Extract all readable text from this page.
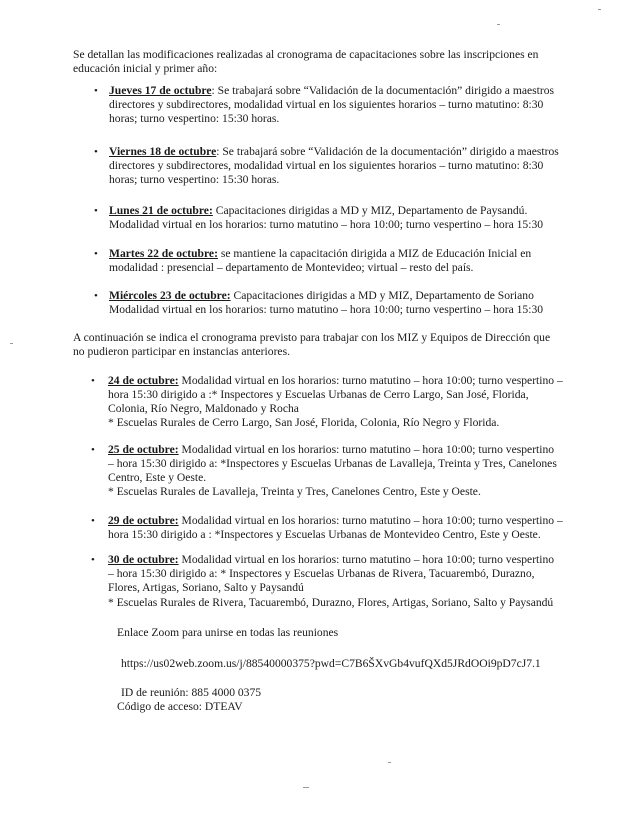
Se detallan las modificaciones realizadas al cronograma de capacitaciones sobre las inscripciones en
educación inicial y primer año:
• Jueves 17 de octubre: Se trabajará sobre “Validación de la documentación” dirigido a maestros
directores y subdirectores, modalidad virtual en los siguientes horarios – turno matutino: 8:30
horas; turno vespertino: 15:30 horas.
• Viernes 18 de octubre: Se trabajará sobre “Validación de la documentación” dirigido a maestros
directores y subdirectores, modalidad virtual en los siguientes horarios – turno matutino: 8:30
horas; turno vespertino: 15:30 horas.
• Lunes 21 de octubre: Capacitaciones dirigidas a MD y MIZ, Departamento de Paysandú.
Modalidad virtual en los horarios: turno matutino – hora 10:00; turno vespertino – hora 15:30
• Martes 22 de octubre: se mantiene la capacitación dirigida a MIZ de Educación Inicial en
modalidad : presencial – departamento de Montevideo; virtual – resto del país.
• Miércoles 23 de octubre: Capacitaciones dirigidas a MD y MIZ, Departamento de Soriano
Modalidad virtual en los horarios: turno matutino – hora 10:00; turno vespertino – hora 15:30
A continuación se indica el cronograma previsto para trabajar con los MIZ y Equipos de Dirección que
no pudieron participar en instancias anteriores.
• 24 de octubre: Modalidad virtual en los horarios: turno matutino – hora 10:00; turno vespertino –
hora 15:30 dirigido a :* Inspectores y Escuelas Urbanas de Cerro Largo, San José, Florida,
Colonia, Río Negro, Maldonado y Rocha
* Escuelas Rurales de Cerro Largo, San José, Florida, Colonia, Río Negro y Florida.
• 25 de octubre: Modalidad virtual en los horarios: turno matutino – hora 10:00; turno vespertino
– hora 15:30 dirigido a: *Inspectores y Escuelas Urbanas de Lavalleja, Treinta y Tres, Canelones
Centro, Este y Oeste.
* Escuelas Rurales de Lavalleja, Treinta y Tres, Canelones Centro, Este y Oeste.
• 29 de octubre: Modalidad virtual en los horarios: turno matutino – hora 10:00; turno vespertino –
hora 15:30 dirigido a : *Inspectores y Escuelas Urbanas de Montevideo Centro, Este y Oeste.
• 30 de octubre: Modalidad virtual en los horarios: turno matutino – hora 10:00; turno vespertino
– hora 15:30 dirigido a: * Inspectores y Escuelas Urbanas de Rivera, Tacuarembó, Durazno,
Flores, Artigas, Soriano, Salto y Paysandú
* Escuelas Rurales de Rivera, Tacuarembó, Durazno, Flores, Artigas, Soriano, Salto y Paysandú
Enlace Zoom para unirse en todas las reuniones
https://us02web.zoom.us/j/88540000375?pwd=C7B6ŠXvGb4vufQXd5JRdOOi9pD7cJ7.1
ID de reunión: 885 4000 0375
Código de acceso: DTEAV
